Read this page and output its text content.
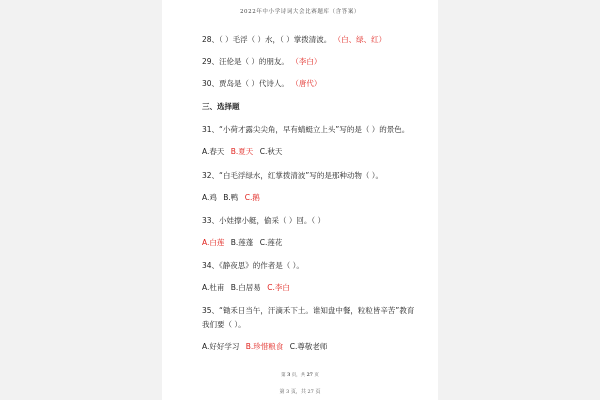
2022年中小学诗词大会比赛题库（含答案）
28、（ ）毛浮（ ）水，（ ）掌拨清波。 （白、绿、红）
29、汪伦是（ ）的朋友。 （李白）
30、贾岛是（ ）代诗人。 （唐代）
三、选择题
31、“小荷才露尖尖角，早有蜻蜓立上头”写的是（ ）的景色。
A.春天 B.夏天 C.秋天
32、“白毛浮绿水，红掌拨清波”写的是那种动物（ ）。
A.鸡 B.鸭 C.鹅
33、小娃撑小艇，偷采（ ）回。（ ）
A.白莲 B.莲蓬 C.莲花
34、《静夜思》的作者是（ ）。
A.杜甫 B.白居易 C.李白
35、“锄禾日当午，汗滴禾下土。谁知盘中餐，粒粒皆辛苦”教育
我们要（ ）。
A.好好学习 B.珍惜粮食 C.尊敬老师
第 3 页，共 27 页
第 3 页，共 27 页
